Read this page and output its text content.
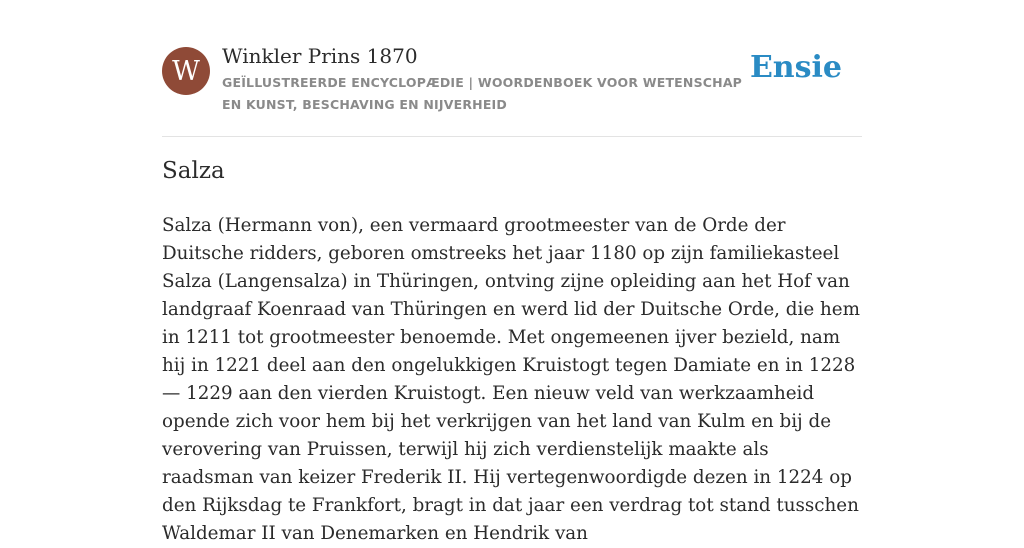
W	Winkler Prins 1870
GEÏLLUSTREERDE ENCYCLOPÆDIE | WOORDENBOEK VOOR WETENSCHAP EN KUNST, BESCHAVING EN NIJVERHEID
Ensie
Salza

Salza (Hermann von), een vermaard grootmeester van de Orde der Duitsche ridders, geboren omstreeks het jaar 1180 op zijn familiekasteel Salza (Langensalza) in Thüringen, ontving zijne opleiding aan het Hof van landgraaf Koenraad van Thüringen en werd lid der Duitsche Orde, die hem in 1211 tot grootmeester benoemde. Met ongemeenen ijver bezield, nam hij in 1221 deel aan den ongelukkigen Kruistogt tegen Damiate en in 1228— 1229 aan den vierden Kruistogt. Een nieuw veld van werkzaamheid opende zich voor hem bij het verkrijgen van het land van Kulm en bij de verovering van Pruissen, terwijl hij zich verdienstelijk maakte als raadsman van keizer Frederik II. Hij vertegenwoordigde dezen in 1224 op den Rijksdag te Frankfort, bragt in dat jaar een verdrag tot stand tusschen Waldemar II van Denemarken en Hendrik van
